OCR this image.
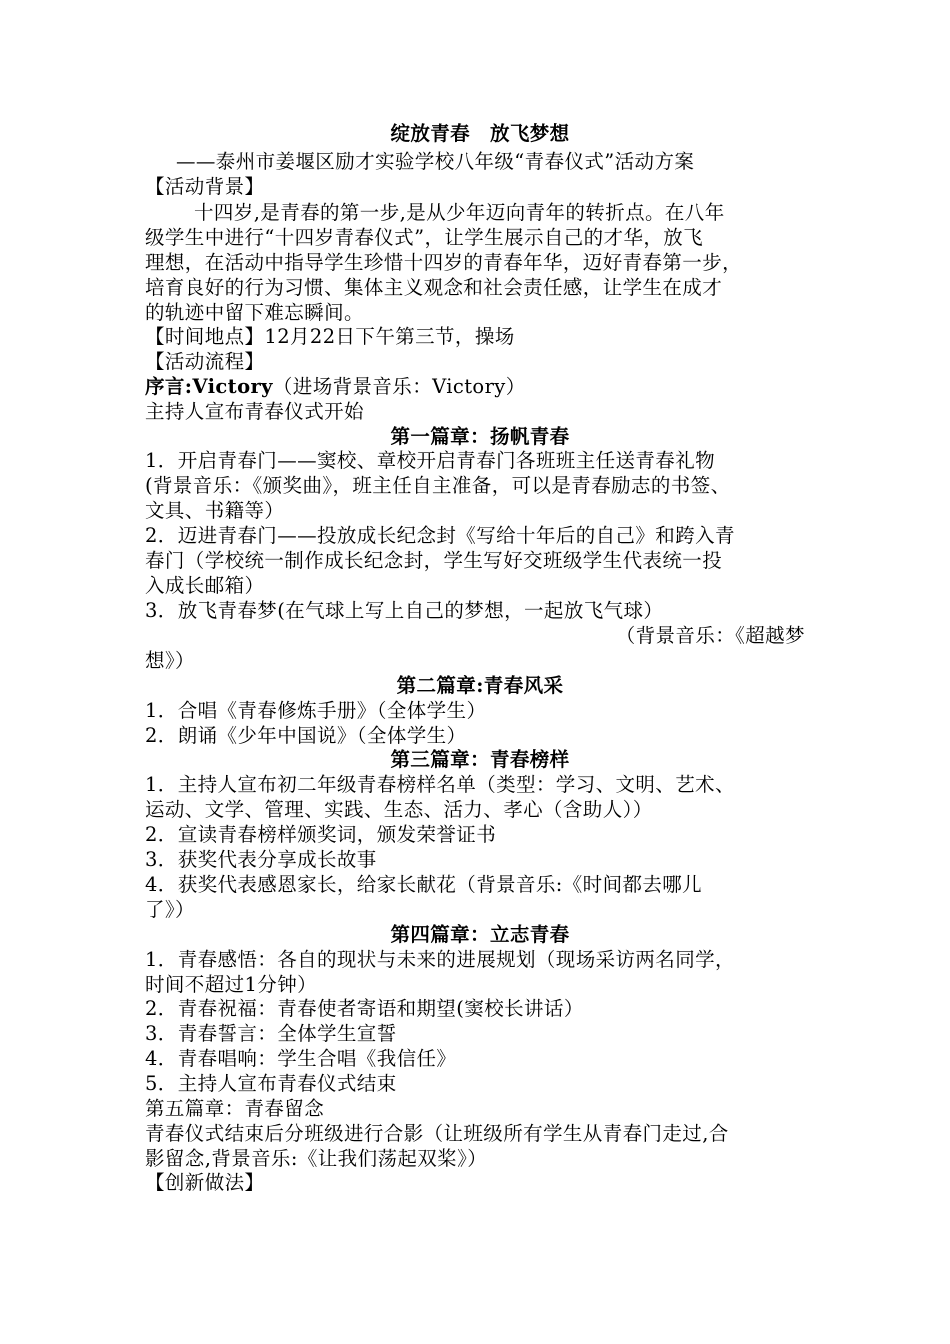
绽放青春　放飞梦想
——泰州市姜堰区励才实验学校八年级“青春仪式”活动方案
【活动背景】
十四岁,是青春的第一步,是从少年迈向青年的转折点。在八年
级学生中进行“十四岁青春仪式”，让学生展示自己的才华，放飞
理想，在活动中指导学生珍惜十四岁的青春年华，迈好青春第一步，
培育良好的行为习惯、集体主义观念和社会责任感，让学生在成才
的轨迹中留下难忘瞬间。
【时间地点】12月22日下午第三节，操场
【活动流程】
序言:Victory（进场背景音乐：Victory）
主持人宣布青春仪式开始
第一篇章：扬帆青春
1．开启青春门——窦校、章校开启青春门各班班主任送青春礼物
(背景音乐：《颁奖曲》，班主任自主准备，可以是青春励志的书签、
文具、书籍等）
2．迈进青春门——投放成长纪念封《写给十年后的自己》和跨入青
春门（学校统一制作成长纪念封，学生写好交班级学生代表统一投
入成长邮箱）
3．放飞青春梦(在气球上写上自己的梦想，一起放飞气球）
（背景音乐：《超越梦
想》）
第二篇章:青春风采
1．合唱《青春修炼手册》（全体学生）
2．朗诵《少年中国说》（全体学生）
第三篇章：青春榜样
1．主持人宣布初二年级青春榜样名单（类型：学习、文明、艺术、
运动、文学、管理、实践、生态、活力、孝心（含助人））
2．宣读青春榜样颁奖词，颁发荣誉证书
3．获奖代表分享成长故事
4．获奖代表感恩家长，给家长献花（背景音乐:《时间都去哪儿
了》）
第四篇章：立志青春
1．青春感悟：各自的现状与未来的进展规划（现场采访两名同学，
时间不超过1分钟）
2．青春祝福：青春使者寄语和期望(窦校长讲话）
3．青春誓言：全体学生宣誓
4．青春唱响：学生合唱《我信任》
5．主持人宣布青春仪式结束
第五篇章：青春留念
青春仪式结束后分班级进行合影（让班级所有学生从青春门走过,合
影留念,背景音乐:《让我们荡起双桨》）
【创新做法】
